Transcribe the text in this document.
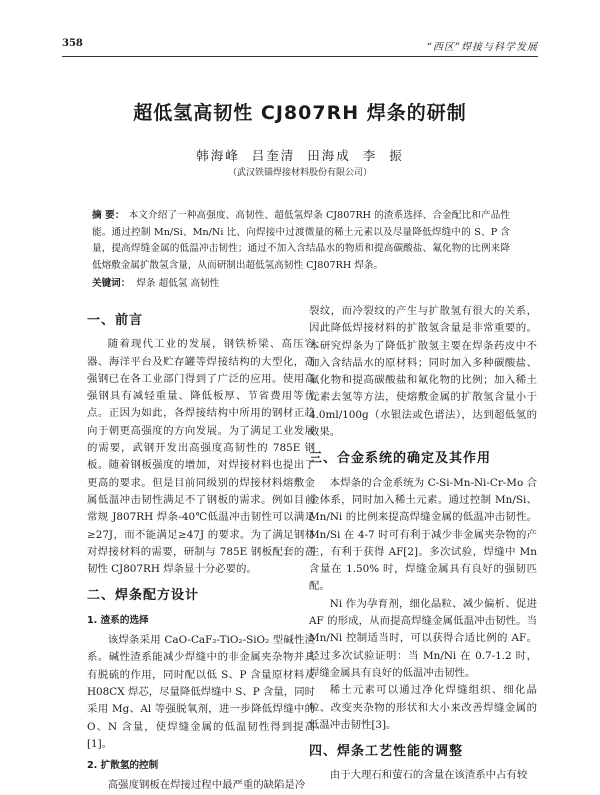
358	“西区”焊接与科学发展
超低氢高韧性 CJ807RH 焊条的研制
韩海峰 吕奎清 田海成 李 振
（武汉铁锚焊接材料股份有限公司）
摘 要： 本文介绍了一种高强度、高韧性、超低氢焊条 CJ807RH 的渣系选择、合金配比和产品性能。通过控制 Mn/Si、Mn/Ni 比、向焊接中过渡微量的稀土元素以及尽量降低焊缝中的 S、P 含量，提高焊缝金属的低温冲击韧性；通过不加入含结晶水的物质和提高碳酸盐、氟化物的比例来降低熔敷金属扩散氢含量，从而研制出超低氢高韧性 CJ807RH 焊条。
关键词： 焊条 超低氢 高韧性
一、前言

随着现代工业的发展，钢铁桥梁、高压容器、海洋平台及贮存罐等焊接结构的大型化，高强钢已在各工业部门得到了广泛的应用。使用高强钢具有减轻重量、降低板厚、节省费用等优点。正因为如此，各焊接结构中所用的钢材正趋向于朝更高强度的方向发展。为了满足工业发展的需要，武钢开发出高强度高韧性的 785E 钢板。随着钢板强度的增加，对焊接材料也提出了更高的要求。但是目前同级别的焊接材料熔敷金属低温冲击韧性满足不了钢板的需求。例如目前常规 J807RH 焊条-40℃低温冲击韧性可以满足≥27J，而不能满足≥47J 的要求。为了满足钢材对焊接材料的需要，研制与 785E 钢板配套的高韧性 CJ807RH 焊条显十分必要的。

二、焊条配方设计
1. 渣系的选择

该焊条采用 CaO-CaF₂-TiO₂-SiO₂ 型碱性渣系。碱性渣系能减少焊缝中的非金属夹杂物并具有脱硫的作用，同时配以低 S、P 含量原材料及 H08CX 焊芯，尽量降低焊缝中 S、P 含量，同时采用 Mg、Al 等强脱氧剂，进一步降低焊缝中的 O、N 含量，使焊缝金属的低温韧性得到提高[1]。

2. 扩散氢的控制

高强度钢板在焊接过程中最严重的缺陷是冷

裂纹，而冷裂纹的产生与扩散氢有很大的关系，因此降低焊接材料的扩散氢含量是非常重要的。本研究焊条为了降低扩散氢主要在焊条药皮中不加入含结晶水的原材料；同时加入多种碳酸盐、氟化物和提高碳酸盐和氟化物的比例；加入稀土元素去氢等方法，使熔敷金属的扩散氢含量小于 4.0ml/100g（水银法或色谱法），达到超低氢的效果。

三、合金系统的确定及其作用

本焊条的合金系统为 C-Si-Mn-Ni-Cr-Mo 合金体系，同时加入稀土元素。通过控制 Mn/Si、Mn/Ni 的比例来提高焊缝金属的低温冲击韧性。Mn/Si 在 4-7 时可有利于减少非金属夹杂物的产生，有利于获得 AF[2]。多次试验，焊缝中 Mn 含量在 1.50% 时，焊缝金属具有良好的强韧匹配。

Ni 作为孕育剂，细化晶粒、减少偏析、促进 AF 的形成，从而提高焊缝金属低温冲击韧性。当 Mn/Ni 控制适当时，可以获得合适比例的 AF。经过多次试验证明：当 Mn/Ni 在 0.7-1.2 时，焊缝金属具有良好的低温冲击韧性。

稀土元素可以通过净化焊缝组织、细化晶粒、改变夹杂物的形状和大小来改善焊缝金属的低温冲击韧性[3]。

四、焊条工艺性能的调整

由于大理石和萤石的含量在该渣系中占有较
